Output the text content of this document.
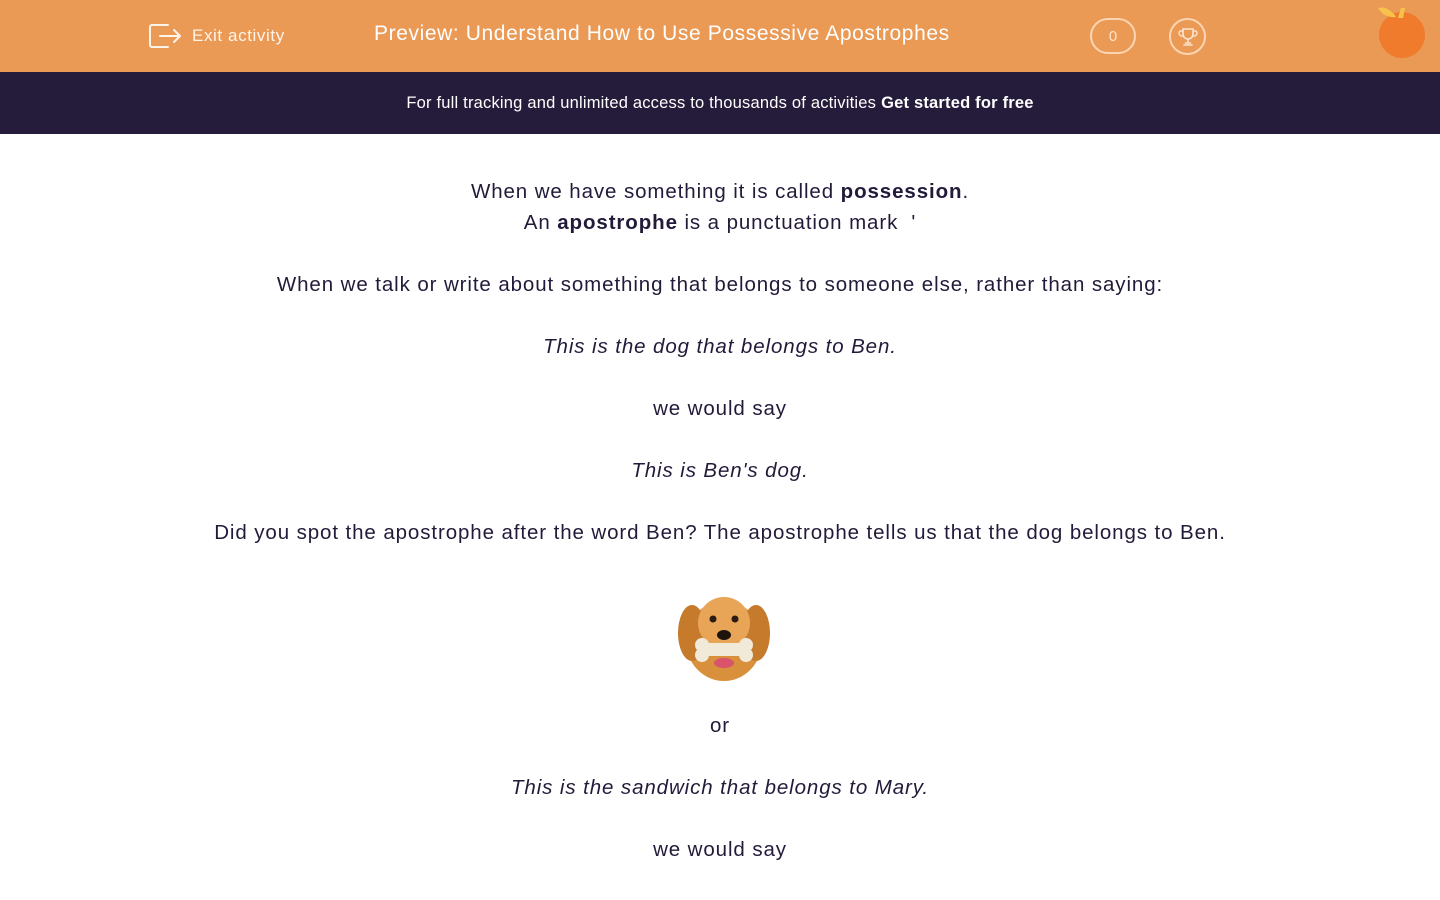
Exit activity	Preview: Understand How to Use Possessive Apostrophes	0
For full tracking and unlimited access to thousands of activities Get started for free
When we have something it is called possession.
An apostrophe is a punctuation mark  '
When we talk or write about something that belongs to someone else, rather than saying:
This is the dog that belongs to Ben.
we would say
This is Ben's dog.
Did you spot the apostrophe after the word Ben? The apostrophe tells us that the dog belongs to Ben.
or
This is the sandwich that belongs to Mary.
we would say
